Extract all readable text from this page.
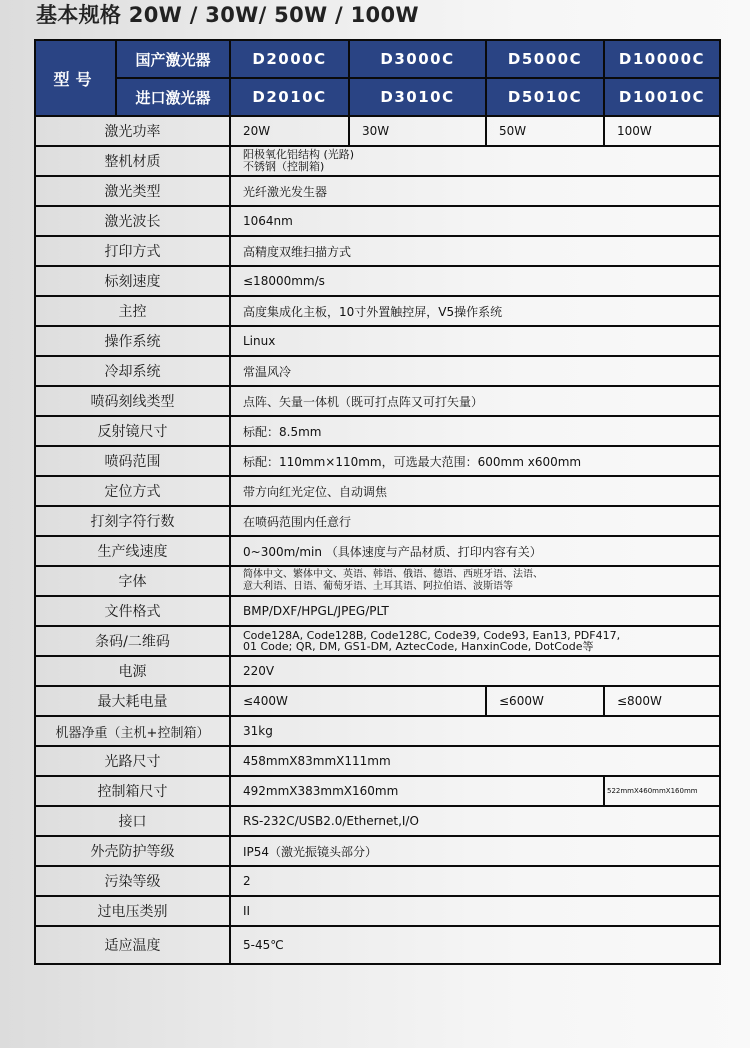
基本规格 20W / 30W/ 50W / 100W
型号	国产激光器	D2000C	D3000C	D5000C	D10000C
	进口激光器	D2010C	D3010C	D5010C	D10010C
激光功率		20W	30W	50W	100W
整机材质		阳极氧化铝结构 (光路)
不锈钢（控制箱)			

激光类型		光纤激光发生器			
激光波长		1064nm			
打印方式		高精度双维扫描方式			
标刻速度		≤18000mm/s			
主控		高度集成化主板，10寸外置触控屏，V5操作系统			
操作系统		Linux			
冷却系统		常温风冷			
喷码刻线类型		点阵、矢量一体机（既可打点阵又可打矢量）			
反射镜尺寸		标配：8.5mm			
喷码范围		标配：110mm×110mm，可选最大范围：600mm x600mm			
定位方式		带方向红光定位、自动调焦			
打刻字符行数		在喷码范围内任意行			
生产线速度		0~300m/min （具体速度与产品材质、打印内容有关）			
字体		简体中文、繁体中文、英语、韩语、俄语、德语、西班牙语、法语、
意大利语、日语、葡萄牙语、土耳其语、阿拉伯语、波斯语等			

文件格式		BMP/DXF/HPGL/JPEG/PLT			
条码/二维码		Code128A, Code128B, Code128C, Code39, Code93, Ean13, PDF417,
01 Code; QR, DM, GS1-DM, AztecCode, HanxinCode, DotCode等			

电源		220V			
最大耗电量		≤400W		≤600W	≤800W
机器净重（主机+控制箱）		31kg			
光路尺寸		458mmX83mmX111mm			
控制箱尺寸		492mmX383mmX160mm			522mmX460mmX160mm
接口		RS-232C/USB2.0/Ethernet,I/O			
外壳防护等级		IP54（激光振镜头部分）			
污染等级		2			
过电压类别		II			
适应温度		5-45℃			
